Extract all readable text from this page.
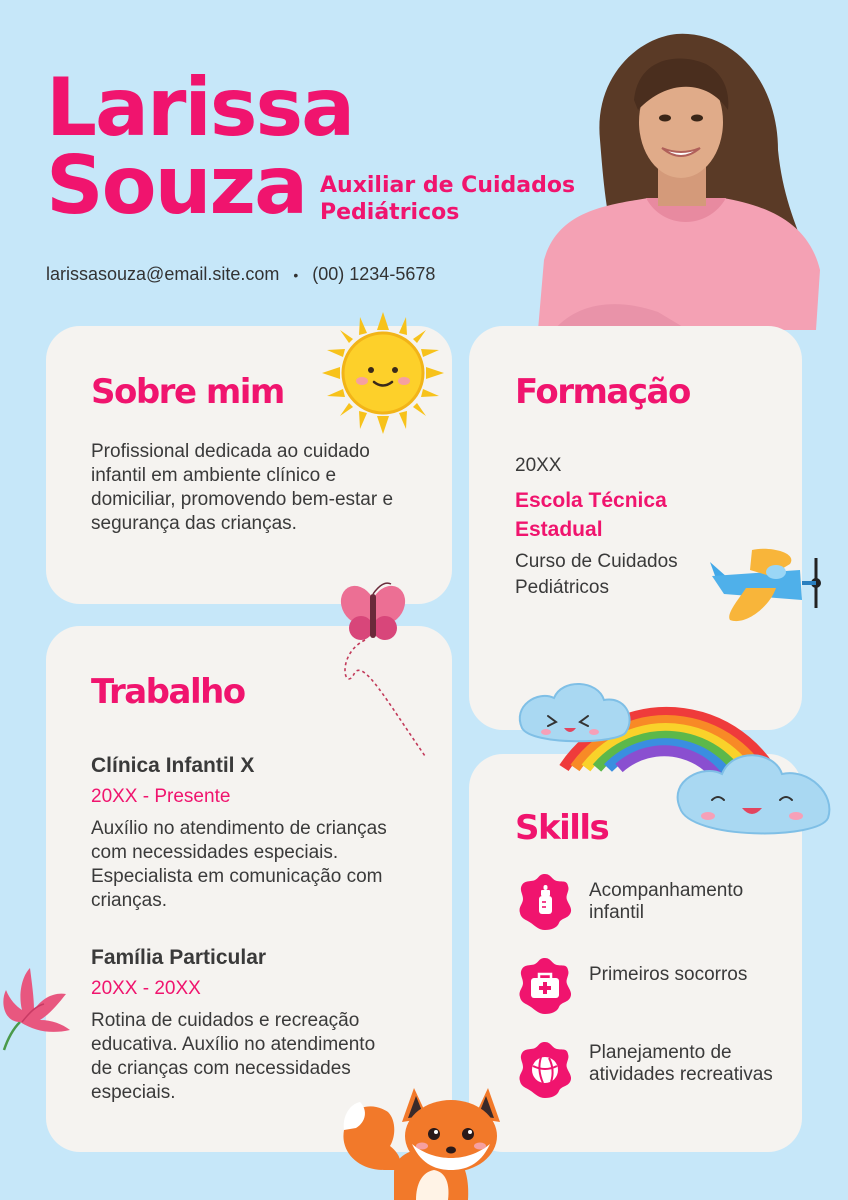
Larissa
Souza Auxiliar de Cuidados Pediátricos
larissasouza@email.site.com • (00) 1234-5678
Sobre mim
Profissional dedicada ao cuidado infantil em ambiente clínico e domiciliar, promovendo bem-estar e segurança das crianças.
Trabalho
Clínica Infantil X
20XX - Presente
Auxílio no atendimento de crianças com necessidades especiais. Especialista em comunicação com crianças.
Família Particular
20XX - 20XX
Rotina de cuidados e recreação educativa. Auxílio no atendimento de crianças com necessidades especiais.
Formação
20XX
Escola Técnica Estadual
Curso de Cuidados Pediátricos
Skills
Acompanhamento infantil
Primeiros socorros
Planejamento de atividades recreativas
